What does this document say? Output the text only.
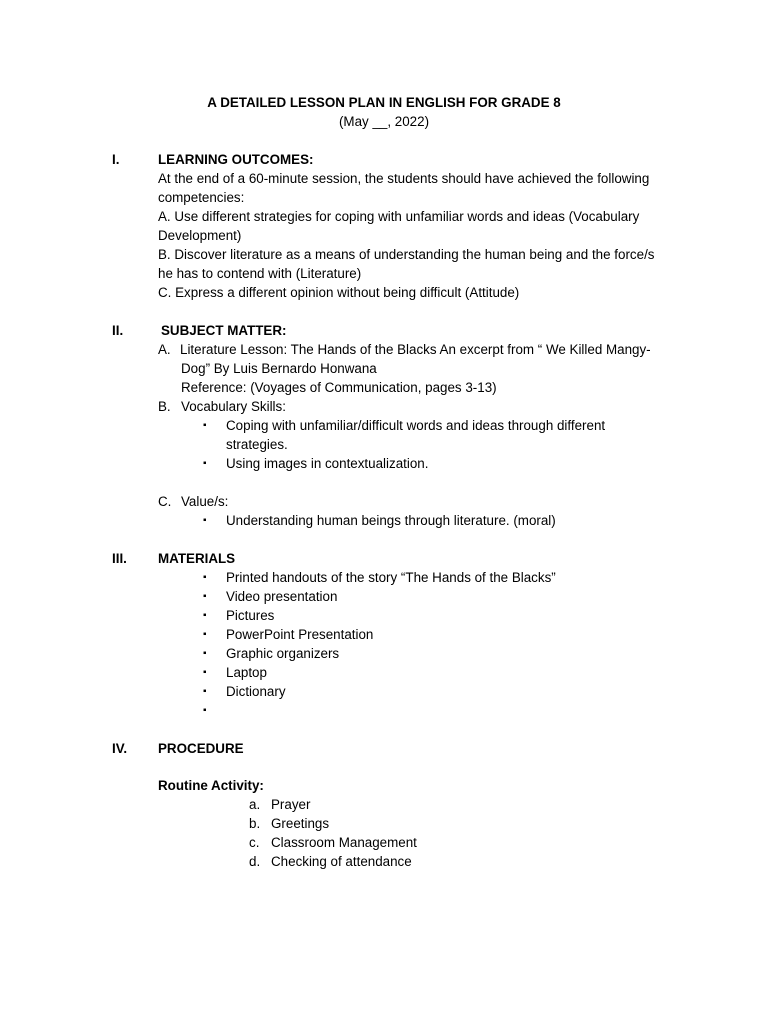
A DETAILED LESSON PLAN IN ENGLISH FOR GRADE 8
(May __, 2022)
I.	LEARNING OUTCOMES:
At the end of a 60-minute session, the students should have achieved the following
competencies:
A. Use different strategies for coping with unfamiliar words and ideas (Vocabulary
Development)
B. Discover literature as a means of understanding the human being and the force/s
he has to contend with (Literature)
C. Express a different opinion without being difficult (Attitude)
II.	SUBJECT MATTER:
A. Literature Lesson: The Hands of the Blacks An excerpt from “ We Killed Mangy-
Dog” By Luis Bernardo Honwana
Reference: (Voyages of Communication, pages 3-13)
B. Vocabulary Skills:
▪ Coping with unfamiliar/difficult words and ideas through different
strategies.
▪ Using images in contextualization.
C. Value/s:
▪ Understanding human beings through literature. (moral)
III. MATERIALS
▪ Printed handouts of the story “The Hands of the Blacks”
▪ Video presentation
▪ Pictures
▪ PowerPoint Presentation
▪ Graphic organizers
▪ Laptop
▪ Dictionary
▪
IV. PROCEDURE
Routine Activity:
a. Prayer
b. Greetings
c. Classroom Management
d. Checking of attendance
